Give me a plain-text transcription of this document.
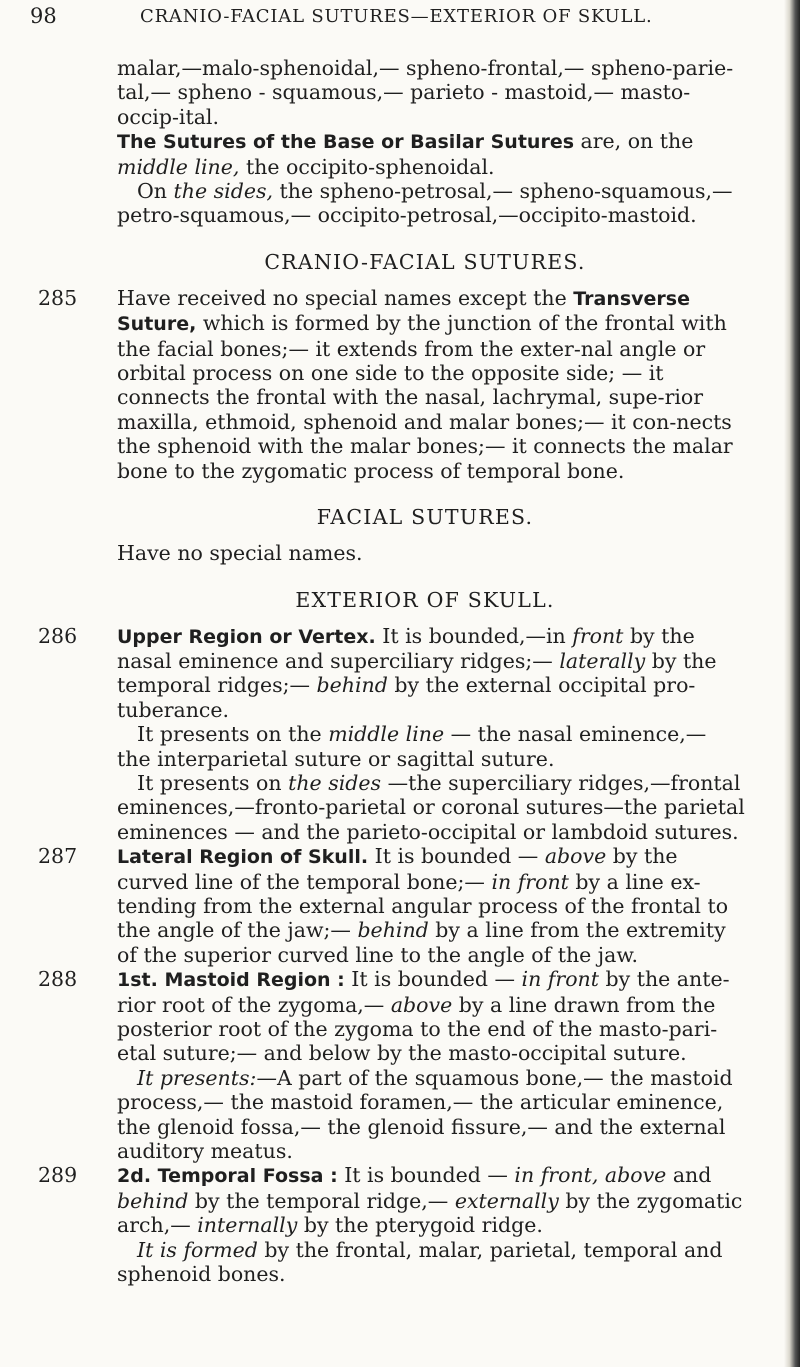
98	CRANIO-FACIAL SUTURES—EXTERIOR OF SKULL.

malar,—malo-sphenoidal,— spheno-frontal,— spheno-parie-tal,— spheno - squamous,— parieto - mastoid,— masto-occip-ital.

The Sutures of the Base or Basilar Sutures are, on the middle line, the occipito-sphenoidal.

On the sides, the spheno-petrosal,— spheno-squamous,— petro-squamous,— occipito-petrosal,—occipito-mastoid.

CRANIO-FACIAL SUTURES.
285 Have received no special names except the Transverse Suture, which is formed by the junction of the frontal with the facial bones;— it extends from the exter-nal angle or orbital process on one side to the opposite side; — it connects the frontal with the nasal, lachrymal, supe-rior maxilla, ethmoid, sphenoid and malar bones;— it con-nects the sphenoid with the malar bones;— it connects the malar bone to the zygomatic process of temporal bone.
FACIAL SUTURES.

Have no special names.

EXTERIOR OF SKULL.
286 Upper Region or Vertex. It is bounded,—in front by the nasal eminence and superciliary ridges;— laterally by the temporal ridges;— behind by the external occipital pro-tuberance.

It presents on the middle line — the nasal eminence,— the interparietal suture or sagittal suture.

It presents on the sides —the superciliary ridges,—frontal eminences,—fronto-parietal or coronal sutures—the parietal eminences — and the parieto-occipital or lambdoid sutures.

287 Lateral Region of Skull. It is bounded — above by the curved line of the temporal bone;— in front by a line ex-tending from the external angular process of the frontal to the angle of the jaw;— behind by a line from the extremity of the superior curved line to the angle of the jaw.
288 1st. Mastoid Region : It is bounded — in front by the ante-rior root of the zygoma,— above by a line drawn from the posterior root of the zygoma to the end of the masto-pari-etal suture;— and below by the masto-occipital suture.

It presents:—A part of the squamous bone,— the mastoid process,— the mastoid foramen,— the articular eminence, the glenoid fossa,— the glenoid fissure,— and the external auditory meatus.

289 2d. Temporal Fossa : It is bounded — in front, above and behind by the temporal ridge,— externally by the zygomatic arch,— internally by the pterygoid ridge.

It is formed by the frontal, malar, parietal, temporal and sphenoid bones.
